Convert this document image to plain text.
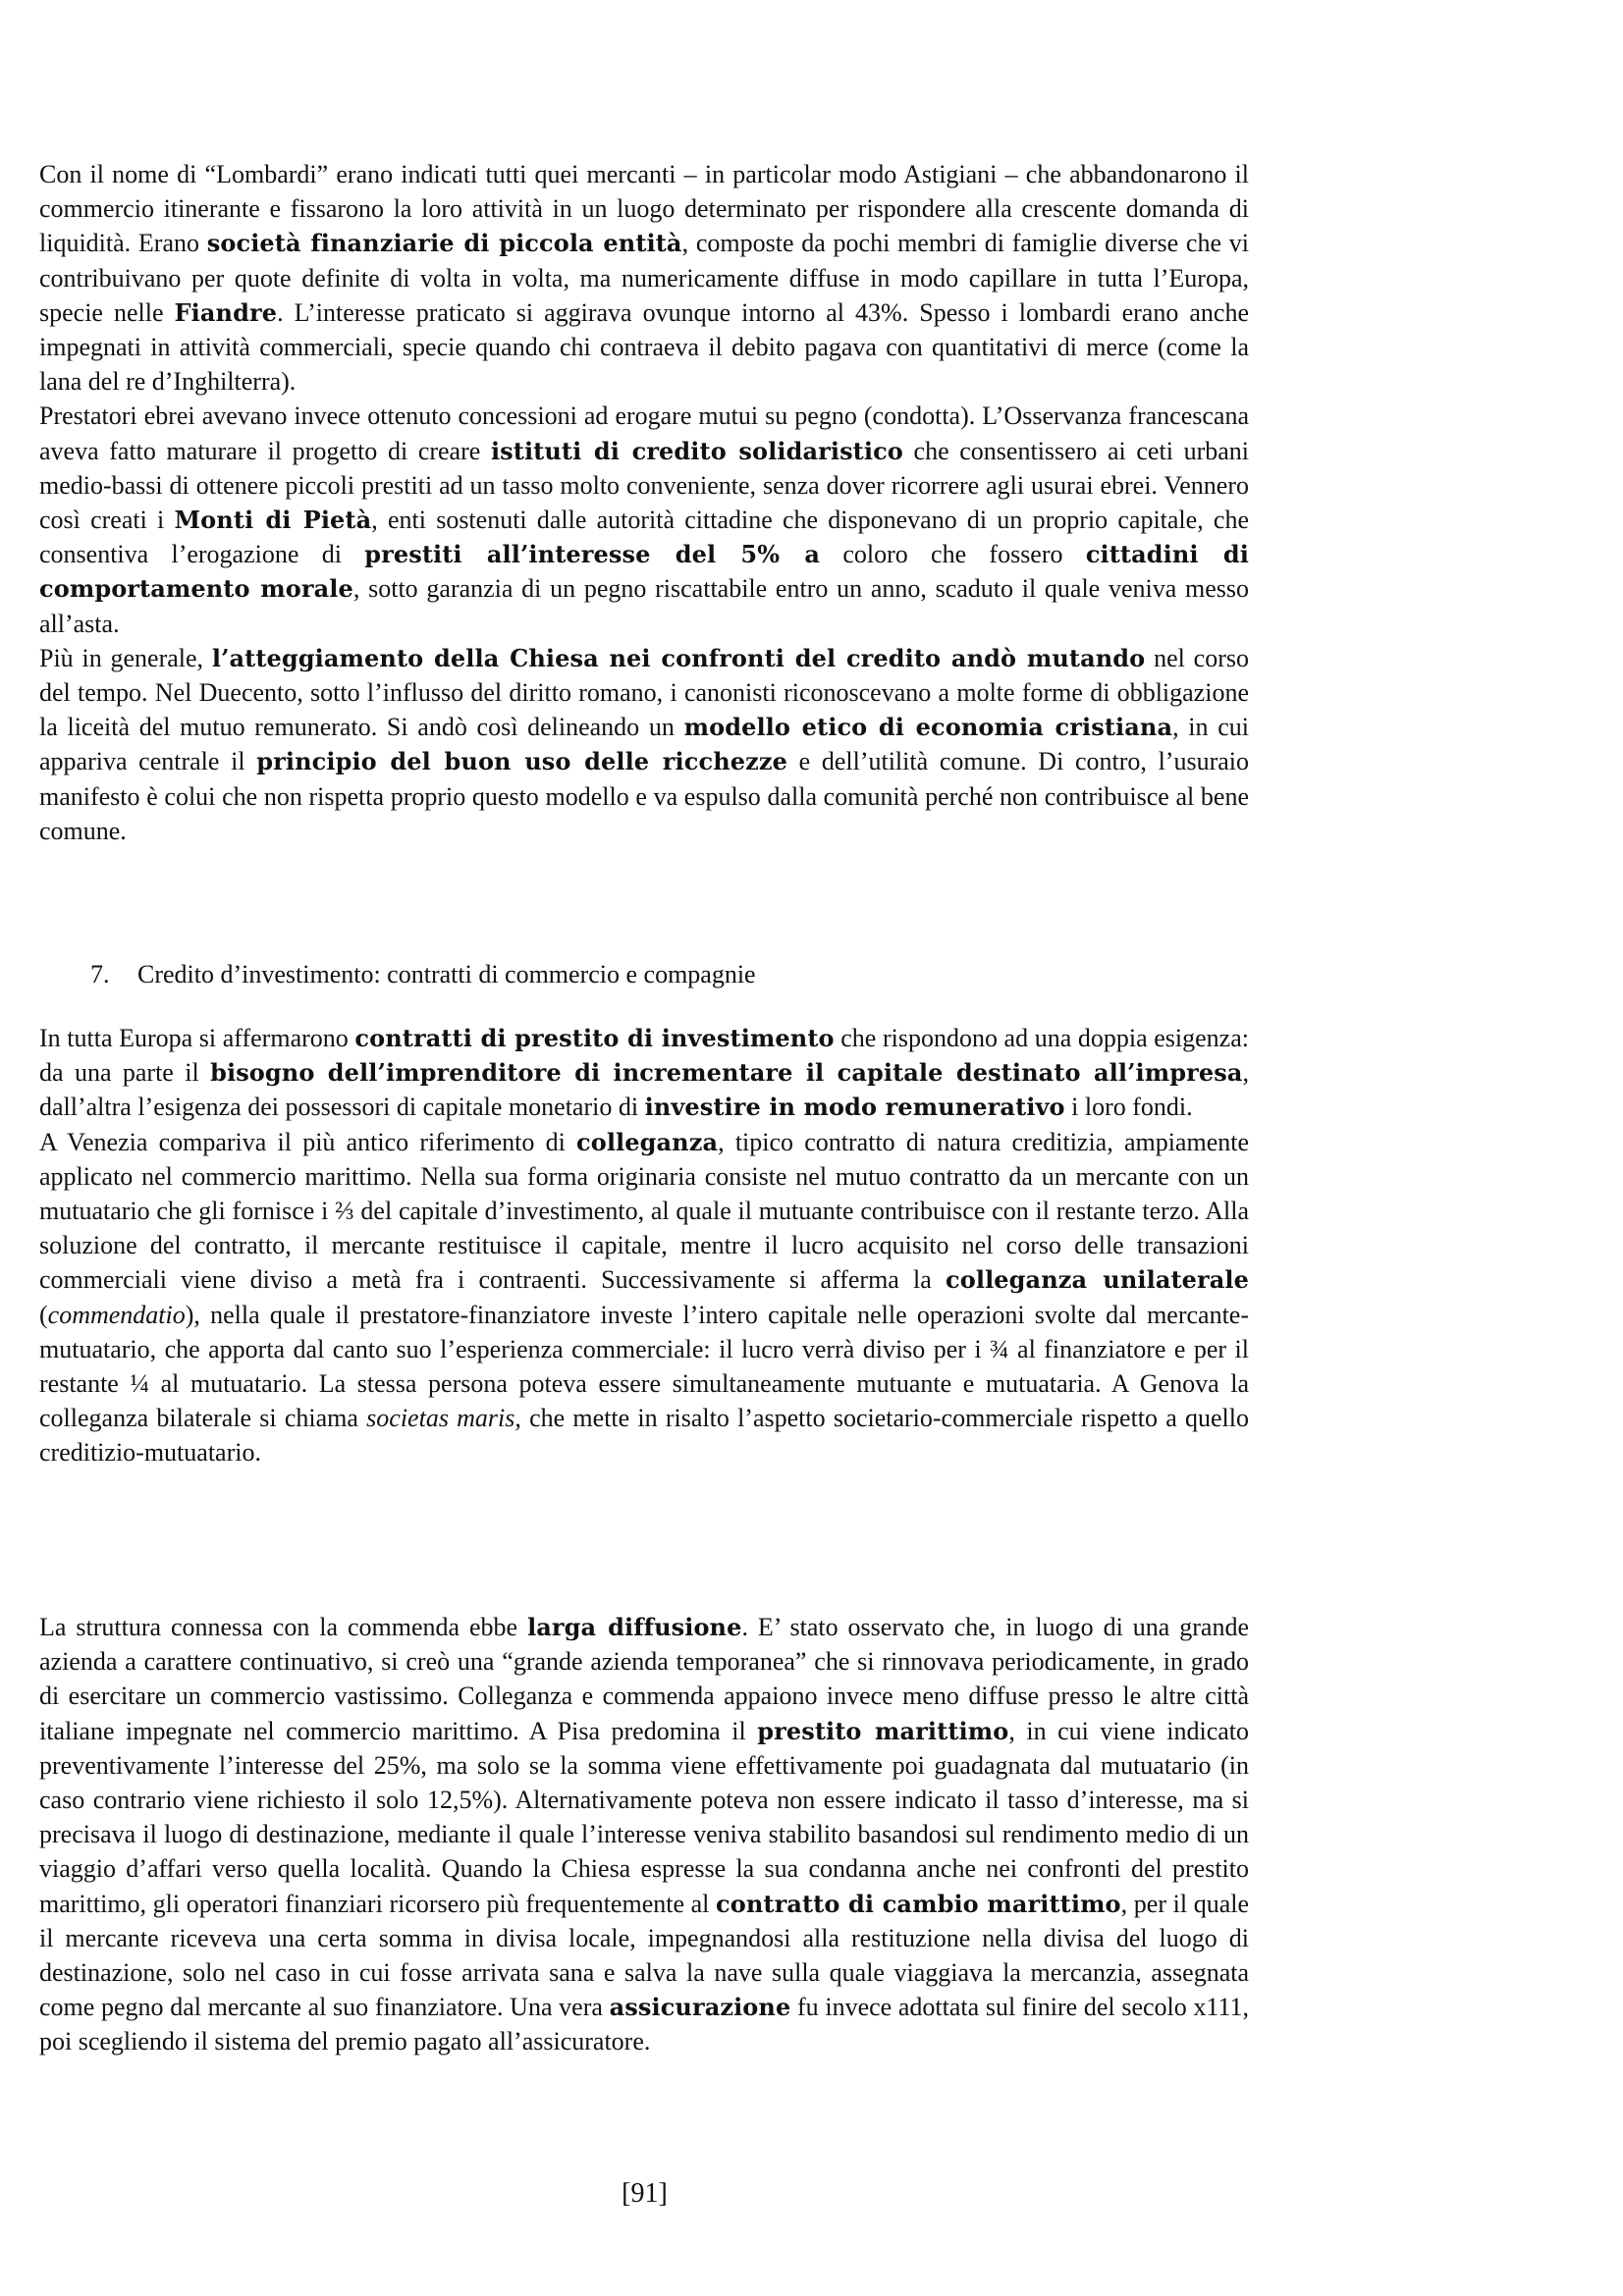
Con il nome di “Lombardi” erano indicati tutti quei mercanti – in particolar modo Astigiani – che abbandonarono il commercio itinerante e fissarono la loro attività in un luogo determinato per rispondere alla crescente domanda di liquidità. Erano società finanziarie di piccola entità, composte da pochi membri di famiglie diverse che vi contribuivano per quote definite di volta in volta, ma numericamente diffuse in modo capillare in tutta l’Europa, specie nelle Fiandre. L’interesse praticato si aggirava ovunque intorno al 43%. Spesso i lombardi erano anche impegnati in attività commerciali, specie quando chi contraeva il debito pagava con quantitativi di merce (come la lana del re d’Inghilterra).

Prestatori ebrei avevano invece ottenuto concessioni ad erogare mutui su pegno (condotta). L’Osservanza francescana aveva fatto maturare il progetto di creare istituti di credito solidaristico che consentissero ai ceti urbani medio-bassi di ottenere piccoli prestiti ad un tasso molto conveniente, senza dover ricorrere agli usurai ebrei. Vennero così creati i Monti di Pietà, enti sostenuti dalle autorità cittadine che disponevano di un proprio capitale, che consentiva l’erogazione di prestiti all’interesse del 5% a coloro che fossero cittadini di comportamento morale, sotto garanzia di un pegno riscattabile entro un anno, scaduto il quale veniva messo all’asta.

Più in generale, l’atteggiamento della Chiesa nei confronti del credito andò mutando nel corso del tempo. Nel Duecento, sotto l’influsso del diritto romano, i canonisti riconoscevano a molte forme di obbligazione la liceità del mutuo remunerato. Si andò così delineando un modello etico di economia cristiana, in cui appariva centrale il principio del buon uso delle ricchezze e dell’utilità comune. Di contro, l’usuraio manifesto è colui che non rispetta proprio questo modello e va espulso dalla comunità perché non contribuisce al bene comune.

7. Credito d’investimento: contratti di commercio e compagnie

In tutta Europa si affermarono contratti di prestito di investimento che rispondono ad una doppia esigenza: da una parte il bisogno dell’imprenditore di incrementare il capitale destinato all’impresa, dall’altra l’esigenza dei possessori di capitale monetario di investire in modo remunerativo i loro fondi.

A Venezia compariva il più antico riferimento di colleganza, tipico contratto di natura creditizia, ampiamente applicato nel commercio marittimo. Nella sua forma originaria consiste nel mutuo contratto da un mercante con un mutuatario che gli fornisce i ⅔ del capitale d’investimento, al quale il mutuante contribuisce con il restante terzo. Alla soluzione del contratto, il mercante restituisce il capitale, mentre il lucro acquisito nel corso delle transazioni commerciali viene diviso a metà fra i contraenti. Successivamente si afferma la colleganza unilaterale (commendatio), nella quale il prestatore-finanziatore investe l’intero capitale nelle operazioni svolte dal mercante-mutuatario, che apporta dal canto suo l’esperienza commerciale: il lucro verrà diviso per i ¾ al finanziatore e per il restante ¼ al mutuatario. La stessa persona poteva essere simultaneamente mutuante e mutuataria. A Genova la colleganza bilaterale si chiama societas maris, che mette in risalto l’aspetto societario-commerciale rispetto a quello creditizio-mutuatario.

La struttura connessa con la commenda ebbe larga diffusione. E’ stato osservato che, in luogo di una grande azienda a carattere continuativo, si creò una “grande azienda temporanea” che si rinnovava periodicamente, in grado di esercitare un commercio vastissimo. Colleganza e commenda appaiono invece meno diffuse presso le altre città italiane impegnate nel commercio marittimo. A Pisa predomina il prestito marittimo, in cui viene indicato preventivamente l’interesse del 25%, ma solo se la somma viene effettivamente poi guadagnata dal mutuatario (in caso contrario viene richiesto il solo 12,5%). Alternativamente poteva non essere indicato il tasso d’interesse, ma si precisava il luogo di destinazione, mediante il quale l’interesse veniva stabilito basandosi sul rendimento medio di un viaggio d’affari verso quella località. Quando la Chiesa espresse la sua condanna anche nei confronti del prestito marittimo, gli operatori finanziari ricorsero più frequentemente al contratto di cambio marittimo, per il quale il mercante riceveva una certa somma in divisa locale, impegnandosi alla restituzione nella divisa del luogo di destinazione, solo nel caso in cui fosse arrivata sana e salva la nave sulla quale viaggiava la mercanzia, assegnata come pegno dal mercante al suo finanziatore. Una vera assicurazione fu invece adottata sul finire del secolo x111, poi scegliendo il sistema del premio pagato all’assicuratore.

[91]
